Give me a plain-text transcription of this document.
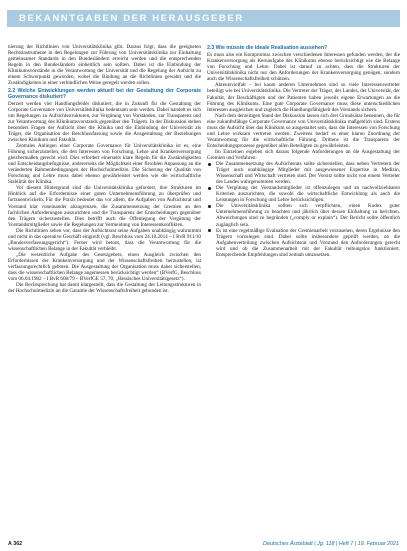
BEKANNTGABEN DER HERAUSGEBER

nierung der Richtlinien von Universitätsklinika gibt. Daraus folgt, dass die geeigneten Rechtsinstrumente in den Regelungen zur Führung von Universitätsklinika zur Einhaltung gemeinsamer Standards in den Bundesländern erreicht werden und die entsprechenden Regeln in den Bundesländern einheitlich sein sollten. Dabei ist die Einbindung der Klinikumsvorstände in die Verantwortung der Universität und die Regelung der Aufsicht zu einem Schwerpunkt geworden, wobei die Bindung an die Richtlinien gewahrt und die Zuständigkeiten in einer verbindlichen Weise geregelt werden sollen.

2.2 Welche Entwicklungen werden aktuell bei der Gestaltung der Corporate Governance diskutiert?

Derzeit werden vier Handlungsfelder diskutiert, die in Zukunft für die Gestaltung der Corporate Governance von Universitätsklinika bedeutsam sein werden. Dabei handelt es sich um Regelungen zu Aufsichtsstrukturen, zur Vergütung von Vorständen, zur Transparenz und zur Verantwortung des Klinikumsvorstands gegenüber den Trägern. In der Diskussion stehen besonders Fragen der Aufsicht über die Klinika und die Einbindung der Universität als Träger, die Organisation der Beschlussfassung sowie die Ausgestaltung der Beziehungen zwischen Klinikum und Fakultät.

Zentrales Anliegen einer Corporate Governance für Universitätsklinika ist es, eine Führung sicherzustellen, die den Interessen von Forschung, Lehre und Krankenversorgung gleichermaßen gerecht wird. Dies erfordert einerseits klare Regeln für die Zuständigkeiten und Entscheidungsbefugnisse, andererseits die Möglichkeit einer flexiblen Anpassung an die veränderten Rahmenbedingungen der Hochschulmedizin. Die Sicherung der Qualität von Forschung und Lehre muss dabei ebenso gewährleistet werden wie die wirtschaftliche Stabilität der Klinika.

Vor diesem Hintergrund sind die Universitätsklinika gefordert, ihre Strukturen im Hinblick auf die Erfordernisse einer guten Unternehmensführung zu überprüfen und fortzuentwickeln. Für die Praxis bedeutet das vor allem, die Aufgaben von Aufsichtsrat und Vorstand klar voneinander abzugrenzen, die Zusammensetzung der Gremien an den fachlichen Anforderungen auszurichten und die Transparenz der Entscheidungen gegenüber den Trägern sicherzustellen. Dies betrifft auch die Offenlegung der Vergütung der Vorstandsmitglieder sowie die Regelungen zur Vermeidung von Interessenkonflikten.

Die Richtlinien sehen vor, dass der Aufsichtsrat seine Aufgaben unabhängig wahrnimmt und nicht in das operative Geschäft eingreift (vgl. Beschluss vom 24.10.2014 – I BvR 911/10 „Bundesverfassungsgericht“). Ferner wird betont, dass die Verantwortung für die wissenschaftlichen Belange in der Fakultät verbleibt.

„Die wesentliche Aufgabe des Gesetzgebers, einen Ausgleich zwischen den Erfordernissen der Krankenversorgung und der Wissenschaftsfreiheit herzustellen, ist verfassungsrechtlich geboten. Die Ausgestaltung der Organisation muss daher sicherstellen, dass die wissenschaftlichen Belange angemessen berücksichtigt werden“ (BVerfG, Beschluss vom 06.04.1982 – I BvR 608/79 – BVerfGE 57, 70, „Hessisches Universitätsgesetz“).

Die Rechtsprechung hat damit klargestellt, dass die Gestaltung der Leitungsstrukturen in der Hochschulmedizin an die Garantie der Wissenschaftsfreiheit gebunden ist.

2.3 Wie müsste die ideale Realisation aussehen?

Es muss also ein Kompromiss zwischen verschiedenen Interessen gefunden werden, der die Krankenversorgung als Kernaufgabe des Klinikums ebenso berücksichtigt wie die Belange von Forschung und Lehre. Dabei ist darauf zu achten, dass die Strukturen der Universitätsklinika nicht nur den Anforderungen der Krankenversorgung genügen, sondern auch die Wissenschaftsfreiheit schützen.

Akteursvielfalt – bei kaum anderen Unternehmen sind so viele Interessenvertreter beteiligt wie bei Universitätsklinika. Die Vertreter der Träger, des Landes, der Universität, der Fakultät, der Beschäftigten und der Patienten haben jeweils eigene Erwartungen an die Führung des Klinikums. Eine gute Corporate Governance muss diese unterschiedlichen Interessen ausgleichen und zugleich die Handlungsfähigkeit des Vorstands sichern.

Nach dem derzeitigen Stand der Diskussion lassen sich drei Grundsätze benennen, die für eine zukunftsfähige Corporate Governance von Universitätsklinika maßgeblich sind. Erstens muss die Aufsicht über das Klinikum so ausgestaltet sein, dass die Interessen von Forschung und Lehre wirksam vertreten werden. Zweitens bedarf es einer klaren Zuordnung der Verantwortung für die wirtschaftliche Führung. Drittens ist die Transparenz der Entscheidungsprozesse gegenüber allen Beteiligten zu gewährleisten.

Im Einzelnen ergeben sich daraus folgende Anforderungen an die Ausgestaltung der Gremien und Verfahren:

Die Zusammensetzung des Aufsichtsrats sollte sicherstellen, dass neben Vertretern der Träger auch unabhängige Mitglieder mit ausgewiesener Expertise in Medizin, Wissenschaft und Wirtschaft vertreten sind. Der Vorsitz sollte nicht von einem Vertreter des Landes wahrgenommen werden.
Die Vergütung der Vorstandsmitglieder ist offenzulegen und an nachvollziehbaren Kriterien auszurichten, die sowohl die wirtschaftliche Entwicklung als auch die Leistungen in Forschung und Lehre berücksichtigen.
Die Universitätsklinika sollten sich verpflichten, einen Kodex guter Unternehmensführung zu beachten und jährlich über dessen Einhaltung zu berichten. Abweichungen sind zu begründen („comply or explain“). Der Bericht sollte öffentlich zugänglich sein.
Es ist eine regelmäßige Evaluation der Gremienarbeit vorzusehen, deren Ergebnisse den Trägern vorzulegen sind. Dabei sollte insbesondere geprüft werden, ob die Aufgabenverteilung zwischen Aufsichtsrat und Vorstand den Anforderungen gerecht wird und ob die Zusammenarbeit mit der Fakultät reibungslos funktioniert. Entsprechende Empfehlungen sind zeitnah umzusetzen.
A 362	Deutsches Ärzteblatt | Jg. 118 | Heft 7 | 19. Februar 2021
